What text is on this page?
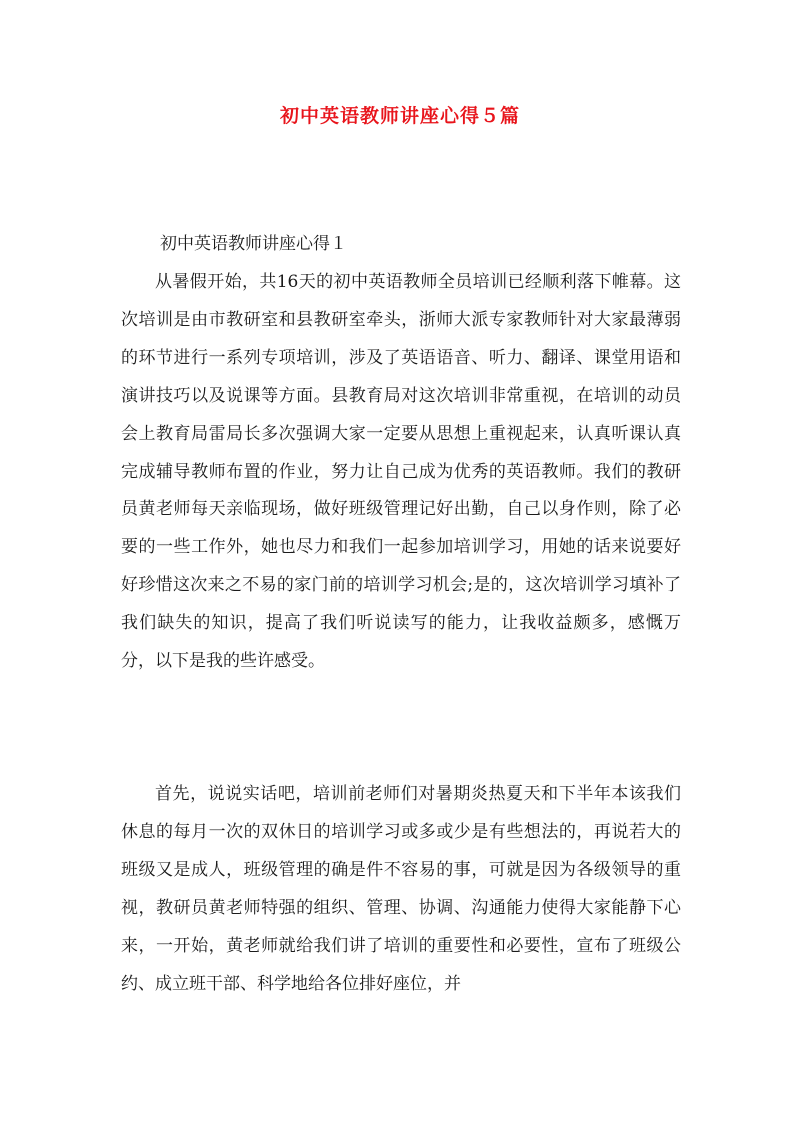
初中英语教师讲座心得５篇

初中英语教师讲座心得１

从暑假开始，共16天的初中英语教师全员培训已经顺利落下帷幕。这次培训是由市教研室和县教研室牵头，浙师大派专家教师针对大家最薄弱的环节进行一系列专项培训，涉及了英语语音、听力、翻译、课堂用语和演讲技巧以及说课等方面。县教育局对这次培训非常重视，在培训的动员会上教育局雷局长多次强调大家一定要从思想上重视起来，认真听课认真完成辅导教师布置的作业，努力让自己成为优秀的英语教师。我们的教研员黄老师每天亲临现场，做好班级管理记好出勤，自己以身作则，除了必要的一些工作外，她也尽力和我们一起参加培训学习，用她的话来说要好好珍惜这次来之不易的家门前的培训学习机会;是的，这次培训学习填补了我们缺失的知识，提高了我们听说读写的能力，让我收益颇多，感慨万分，以下是我的些许感受。

首先，说说实话吧，培训前老师们对暑期炎热夏天和下半年本该我们休息的每月一次的双休日的培训学习或多或少是有些想法的，再说若大的班级又是成人，班级管理的确是件不容易的事，可就是因为各级领导的重视，教研员黄老师特强的组织、管理、协调、沟通能力使得大家能静下心来，一开始，黄老师就给我们讲了培训的重要性和必要性，宣布了班级公约、成立班干部、科学地给各位排好座位，并
